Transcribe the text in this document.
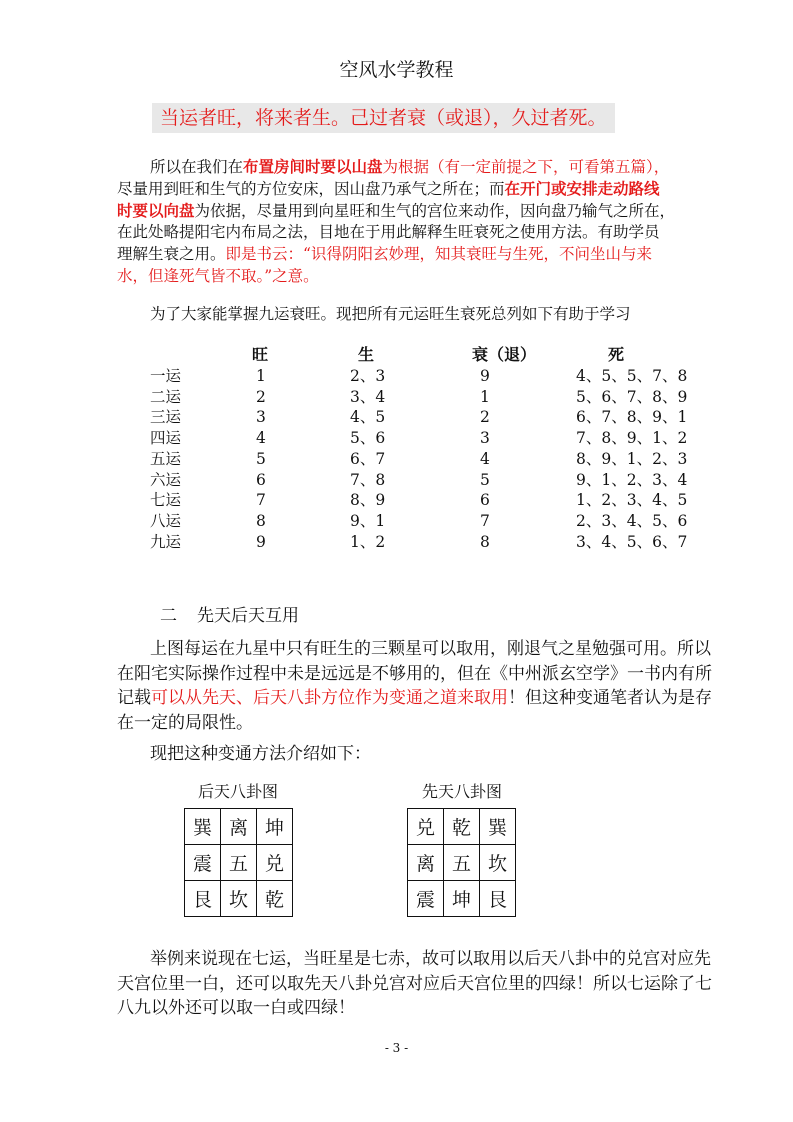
空风水学教程
当运者旺，将来者生。己过者衰（或退），久过者死。
所以在我们在布置房间时要以山盘为根据（有一定前提之下，可看第五篇），
尽量用到旺和生气的方位安床，因山盘乃承气之所在；而在开门或安排走动路线
时要以向盘为依据，尽量用到向星旺和生气的宫位来动作，因向盘乃输气之所在，
在此处略提阳宅内布局之法，目地在于用此解释生旺衰死之使用方法。有助学员
理解生衰之用。即是书云：“识得阴阳玄妙理，知其衰旺与生死，不问坐山与来
水，但逢死气皆不取。”之意。
为了大家能掌握九运衰旺。现把所有元运旺生衰死总列如下有助于学习
旺	生	衰（退）	死
一运	1	2、3	9	4、5、5、7、8
二运	2	3、4	1	5、6、7、8、9
三运	3	4、5	2	6、7、8、9、1
四运	4	5、6	3	7、8、9、1、2
五运	5	6、7	4	8、9、1、2、3
六运	6	7、8	5	9、1、2、3、4
七运	7	8、9	6	1、2、3、4、5
八运	8	9、1	7	2、3、4、5、6
九运	9	1、2	8	3、4、5、6、7
二 先天后天互用
上图每运在九星中只有旺生的三颗星可以取用，刚退气之星勉强可用。所以
在阳宅实际操作过程中未是远远是不够用的，但在《中州派玄空学》一书内有所
记载可以从先天、后天八卦方位作为变通之道来取用！但这种变通笔者认为是存
在一定的局限性。
现把这种变通方法介绍如下：
后天八卦图
巽	离	坤
震	五	兑
艮	坎	乾
先天八卦图
兑	乾	巽
离	五	坎
震	坤	艮
举例来说现在七运，当旺星是七赤，故可以取用以后天八卦中的兑宫对应先
天宫位里一白，还可以取先天八卦兑宫对应后天宫位里的四绿！所以七运除了七
八九以外还可以取一白或四绿！
- 3 -
